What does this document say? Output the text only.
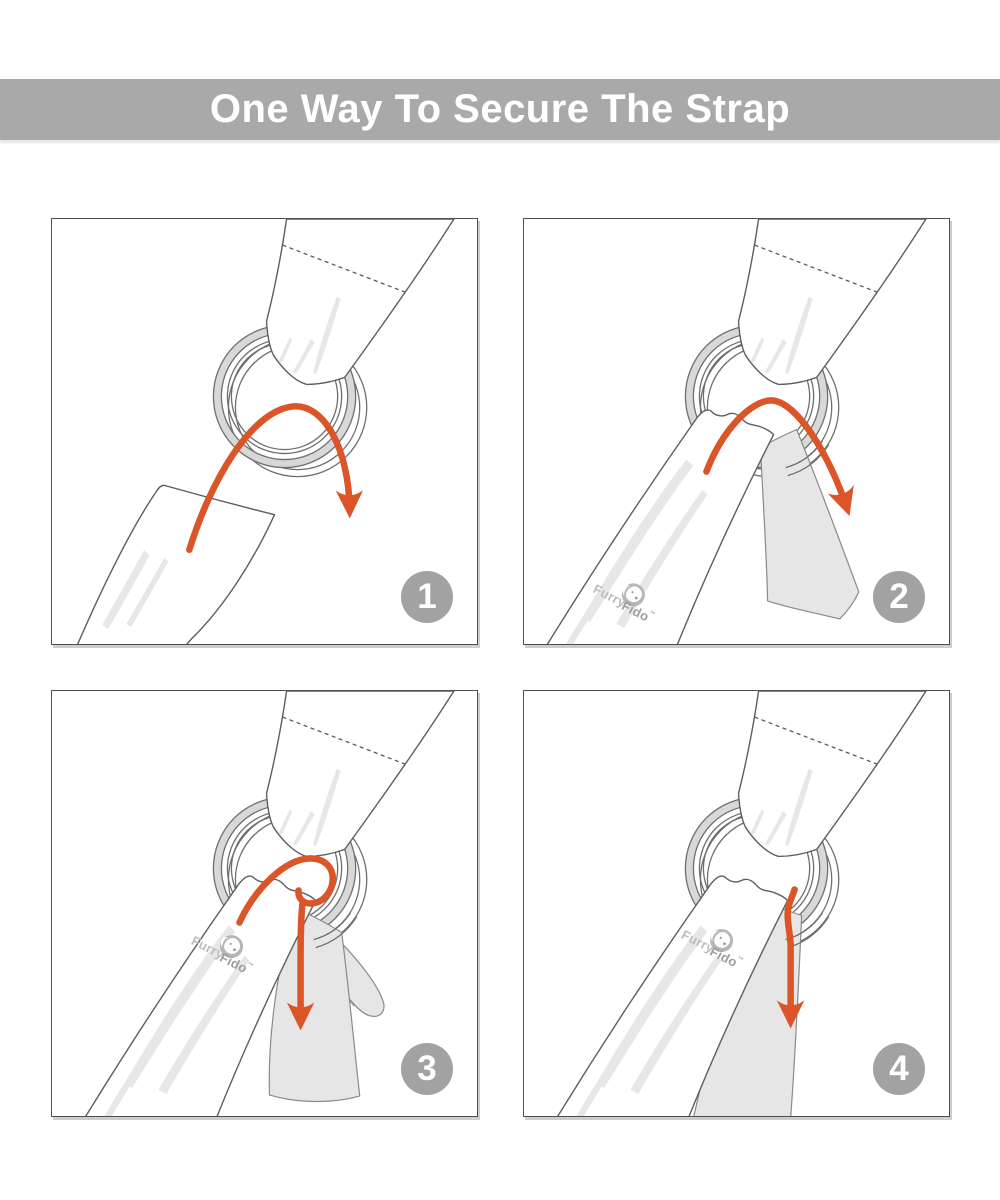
One Way To Secure The Strap
1	2
3	4
